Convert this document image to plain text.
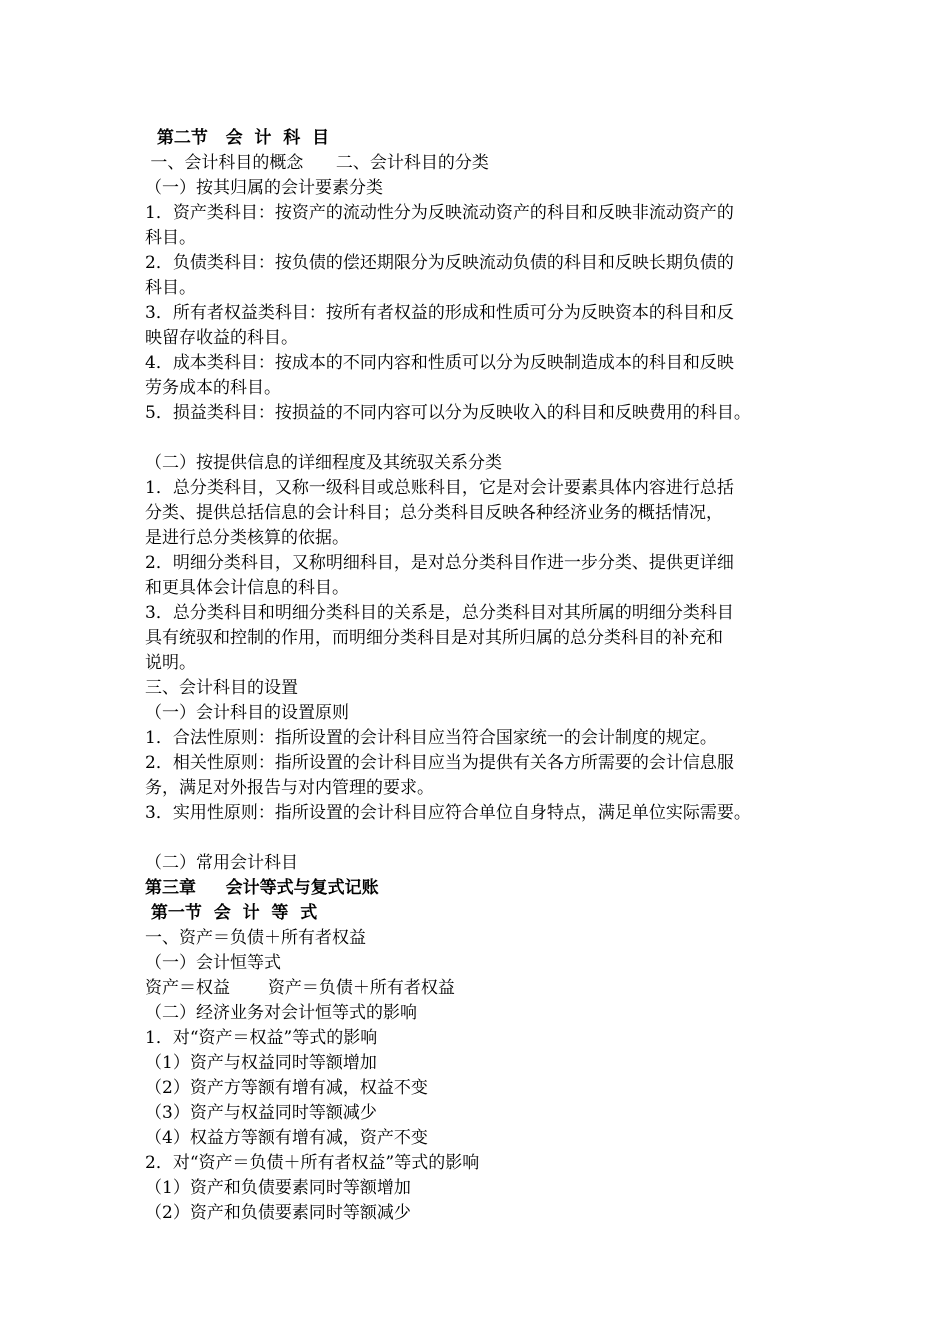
第二节   会  计  科  目
一、会计科目的概念      二、会计科目的分类
（一）按其归属的会计要素分类
1．资产类科目：按资产的流动性分为反映流动资产的科目和反映非流动资产的
科目。
2．负债类科目：按负债的偿还期限分为反映流动负债的科目和反映长期负债的
科目。
3．所有者权益类科目：按所有者权益的形成和性质可分为反映资本的科目和反
映留存收益的科目。
4．成本类科目：按成本的不同内容和性质可以分为反映制造成本的科目和反映
劳务成本的科目。
5．损益类科目：按损益的不同内容可以分为反映收入的科目和反映费用的科目。
（二）按提供信息的详细程度及其统驭关系分类
1．总分类科目，又称一级科目或总账科目，它是对会计要素具体内容进行总括
分类、提供总括信息的会计科目；总分类科目反映各种经济业务的概括情况，
是进行总分类核算的依据。
2．明细分类科目，又称明细科目，是对总分类科目作进一步分类、提供更详细
和更具体会计信息的科目。
3．总分类科目和明细分类科目的关系是，总分类科目对其所属的明细分类科目
具有统驭和控制的作用，而明细分类科目是对其所归属的总分类科目的补充和
说明。
三、会计科目的设置
（一）会计科目的设置原则
1．合法性原则：指所设置的会计科目应当符合国家统一的会计制度的规定。
2．相关性原则：指所设置的会计科目应当为提供有关各方所需要的会计信息服
务，满足对外报告与对内管理的要求。
3．实用性原则：指所设置的会计科目应符合单位自身特点，满足单位实际需要。
（二）常用会计科目
第三章     会计等式与复式记账
第一节  会  计  等  式
一、资产＝负债＋所有者权益
（一）会计恒等式
资产＝权益       资产＝负债＋所有者权益
（二）经济业务对会计恒等式的影响
1．对“资产＝权益”等式的影响
（1）资产与权益同时等额增加
（2）资产方等额有增有减，权益不变
（3）资产与权益同时等额减少
（4）权益方等额有增有减，资产不变
2．对“资产＝负债＋所有者权益”等式的影响
（1）资产和负债要素同时等额增加
（2）资产和负债要素同时等额减少
